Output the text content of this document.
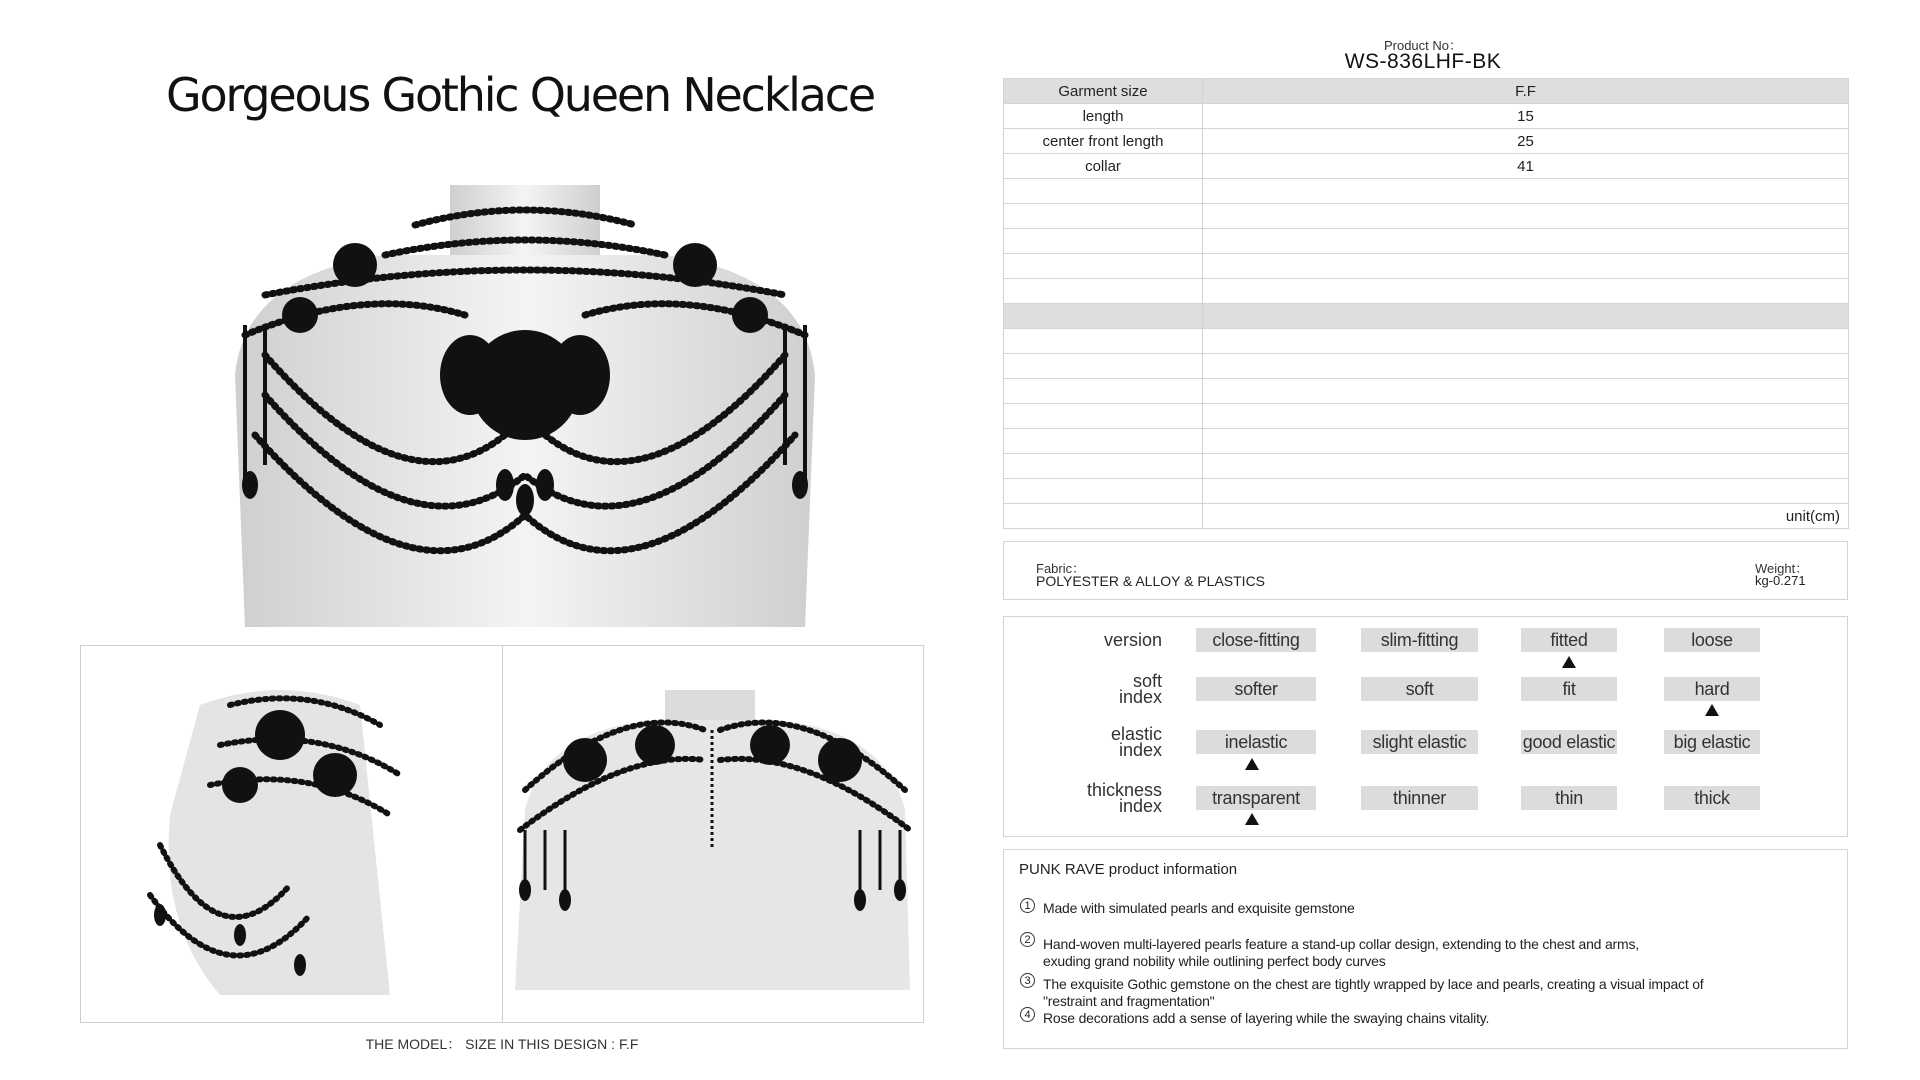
Gorgeous Gothic Queen Necklace
THE MODEL： SIZE IN THIS DESIGN : F.F
Product No：
WS-836LHF-BK
Garment size	F.F
length	15
center front length	25
collar	41

	unit(cm)
Fabric：
POLYESTER & ALLOY & PLASTICS
Weight：
kg-0.271
version	close-fitting	slim-fitting	fitted	loose
soft
index	softer	soft	fit	hard
elastic
index	inelastic	slight elastic	good elastic	big elastic
thickness
index	transparent	thinner	thin	thick
PUNK RAVE product information
1 Made with simulated pearls and exquisite gemstone
2 Hand-woven multi-layered pearls feature a stand-up collar design, extending to the chest and arms,
exuding grand nobility while outlining perfect body curves
3 The exquisite Gothic gemstone on the chest are tightly wrapped by lace and pearls, creating a visual impact of
"restraint and fragmentation"
4 Rose decorations add a sense of layering while the swaying chains vitality.
